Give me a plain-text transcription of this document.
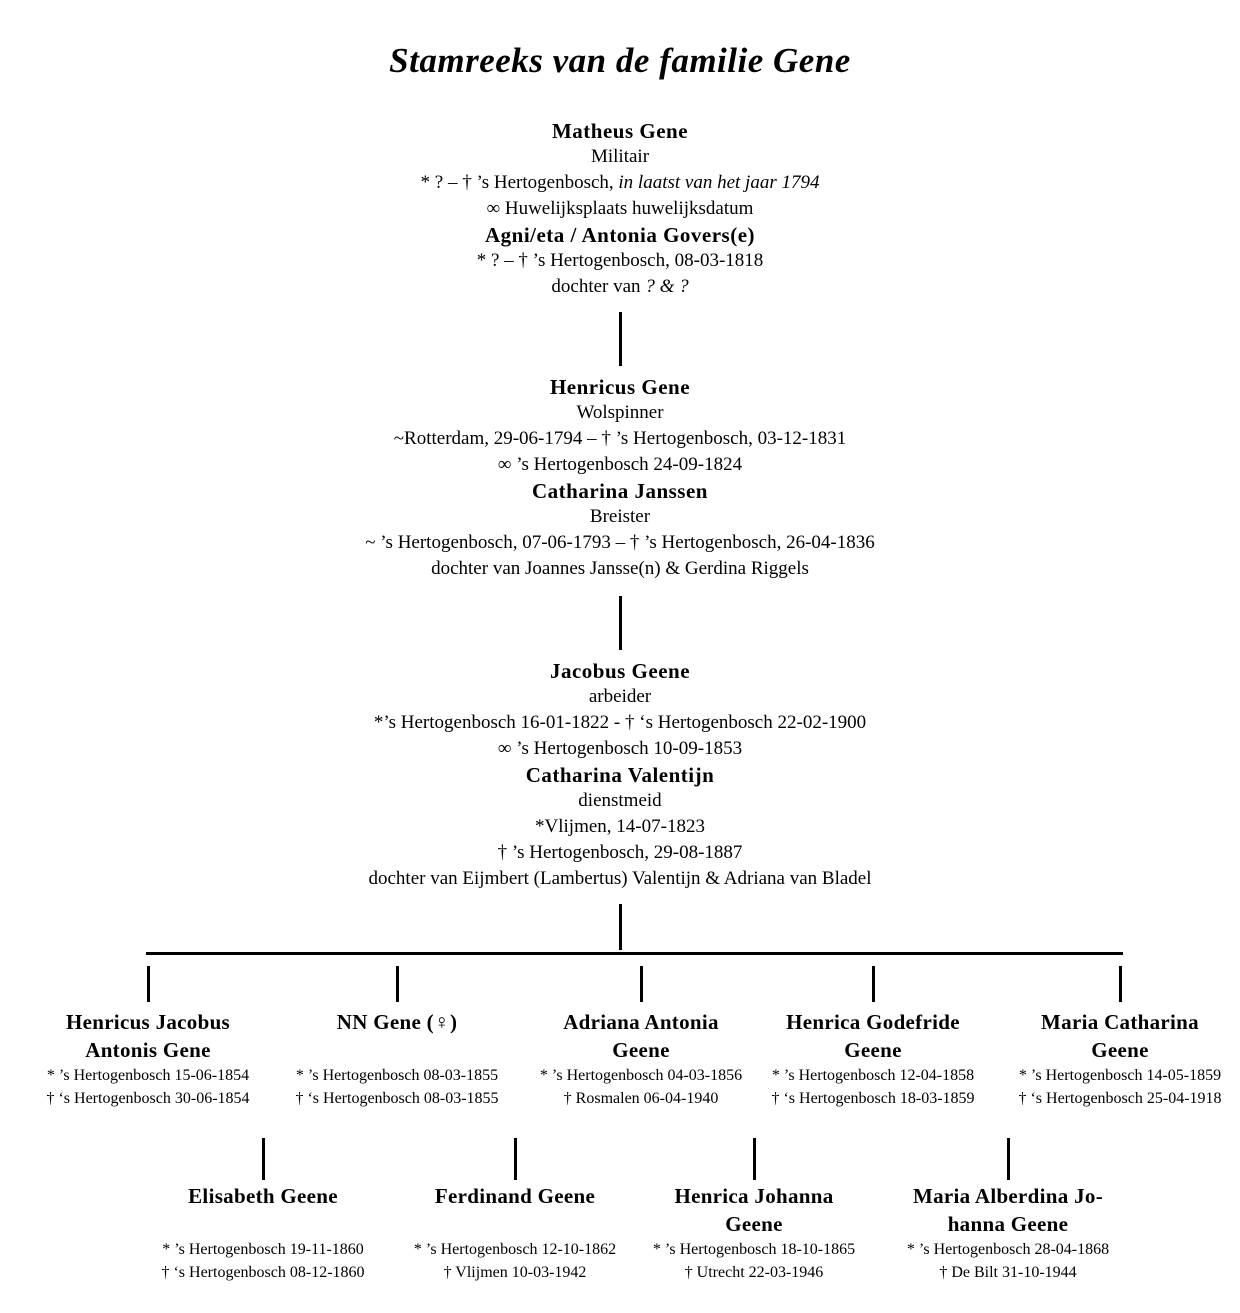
Stamreeks van de familie Gene
Matheus Gene
Militair
* ? – † ’s Hertogenbosch, in laatst van het jaar 1794
∞ Huwelijksplaats huwelijksdatum
Agni/eta / Antonia Govers(e)
* ? – † ’s Hertogenbosch, 08-03-1818
dochter van ? & ?
Henricus Gene
Wolspinner
~Rotterdam, 29-06-1794 – † ’s Hertogenbosch, 03-12-1831
∞ ’s Hertogenbosch 24-09-1824
Catharina Janssen
Breister
~ ’s Hertogenbosch, 07-06-1793 – † ’s Hertogenbosch, 26-04-1836
dochter van Joannes Jansse(n) & Gerdina Riggels
Jacobus Geene
arbeider
*’s Hertogenbosch 16-01-1822 - † ‘s Hertogenbosch 22-02-1900
∞ ’s Hertogenbosch 10-09-1853
Catharina Valentijn
dienstmeid
*Vlijmen, 14-07-1823
† ’s Hertogenbosch, 29-08-1887
dochter van Eijmbert (Lambertus) Valentijn & Adriana van Bladel
Henricus Jacobus
Antonis Gene
* ’s Hertogenbosch 15-06-1854
† ‘s Hertogenbosch 30-06-1854
NN Gene (♀)
* ’s Hertogenbosch 08-03-1855
† ‘s Hertogenbosch 08-03-1855
Adriana Antonia
Geene
* ’s Hertogenbosch 04-03-1856
† Rosmalen 06-04-1940
Henrica Godefride
Geene
* ’s Hertogenbosch 12-04-1858
† ‘s Hertogenbosch 18-03-1859
Maria Catharina
Geene
* ’s Hertogenbosch 14-05-1859
† ‘s Hertogenbosch 25-04-1918
Elisabeth Geene
* ’s Hertogenbosch 19-11-1860
† ‘s Hertogenbosch 08-12-1860
Ferdinand Geene
* ’s Hertogenbosch 12-10-1862
† Vlijmen 10-03-1942
Henrica Johanna
Geene
* ’s Hertogenbosch 18-10-1865
† Utrecht 22-03-1946
Maria Alberdina Jo-
hanna Geene
* ’s Hertogenbosch 28-04-1868
† De Bilt 31-10-1944
